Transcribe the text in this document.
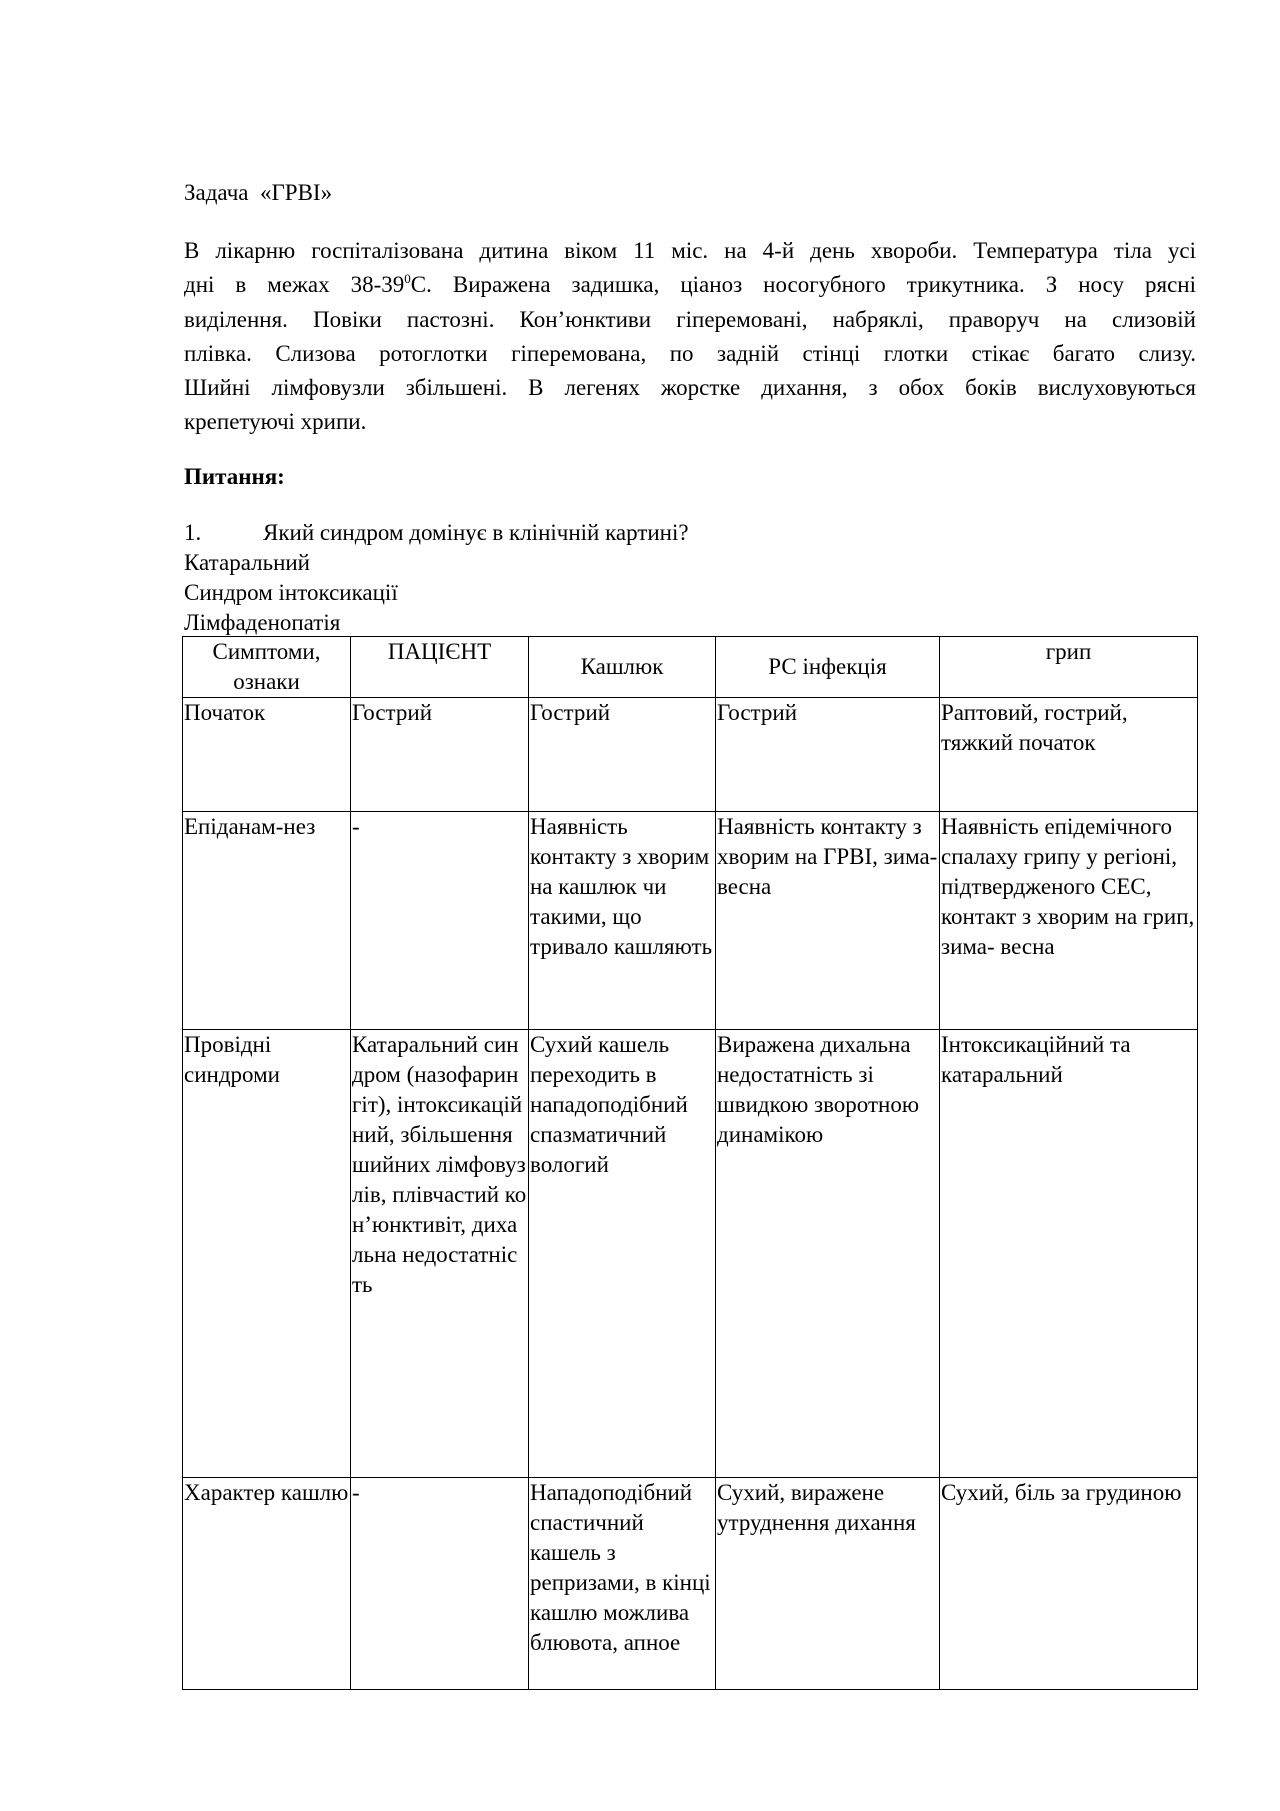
Задача  «ГРВІ»
В лікарню госпіталізована дитина віком 11 міс. на 4-й день хвороби. Температура тіла усі
дні в межах $38-39^0С$. Виражена задишка, ціаноз носогубного трикутника. З носу рясні
виділення. Повіки пастозні. Кон’юнктиви гіперемовані, набряклі, праворуч на слизовій
плівка. Слизова ротоглотки гіперемована, по задній стінці глотки стікає багато слизу.
Шийні лімфовузли збільшені. В легенях жорстке дихання, з обох боків вислуховуються
крепетуючі хрипи.
Питання:
1.	Який синдром домінує в клінічній картині?
Катаральний
Синдром інтоксикації
Лімфаденопатія
Симптоми, ознаки	ПАЦІЄНТ	Кашлюк	РС інфекція	грип
Початок	Гострий	Гострий	Гострий	Раптовий, гострий, тяжкий початок
Епіданам-нез	-	Наявність контакту з хворим на кашлюк чи такими, що тривало кашляють	Наявність контакту з хворим на ГРВІ, зима- весна	Наявність епідемічного спалаху грипу у регіоні, підтвердженого СЕС, контакт з хворим на грип, зима- весна
Провідні синдроми	Катаральний синдром (назофарингіт), інтоксикаційний, збільшення шийних лімфовузлів, плівчастий кон’юнктивіт, дихальна недостатність	Сухий кашель переходить в нападоподібний спазматичний вологий	Виражена дихальна недостатність зі швидкою зворотною динамікою	Інтоксикаційний та катаральний
Характер кашлю	-	Нападоподібний спастичний кашель з репризами, в кінці кашлю можлива блювота, апное	Сухий, виражене утруднення дихання	Сухий, біль за грудиною
